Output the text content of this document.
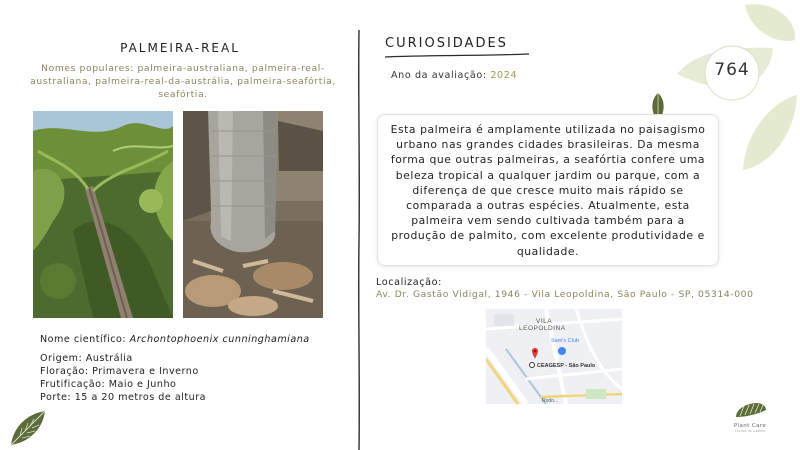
764
PALMEIRA-REAL
Nomes populares: palmeira-australiana, palmeira-real-australiana, palmeira-real-da-austrália, palmeira-seafórtia, seafórtia.
Nome científico: Archontophoenix cunninghamiana
Origem: Austrália
Floração: Primavera e Inverno
Frutificação: Maio e Junho
Porte: 15 a 20 metros de altura
CURIOSIDADES
Ano da avaliação: 2024
Esta palmeira é amplamente utilizada no paisagismo urbano nas grandes cidades brasileiras. Da mesma forma que outras palmeiras, a seafórtia confere uma beleza tropical a qualquer jardim ou parque, com a diferença de que cresce muito mais rápido se comparada a outras espécies. Atualmente, esta palmeira vem sendo cultivada também para a produção de palmito, com excelente produtividade e qualidade.
Localização:
Av. Dr. Gastão Vidigal, 1946 - Vila Leopoldina, São Paulo - SP, 05314-000
VILA
LEOPOLDINA
Sam's Club
CEAGESP - São Paulo
Rodo...
Plant Care
LIVING IN GREEN
